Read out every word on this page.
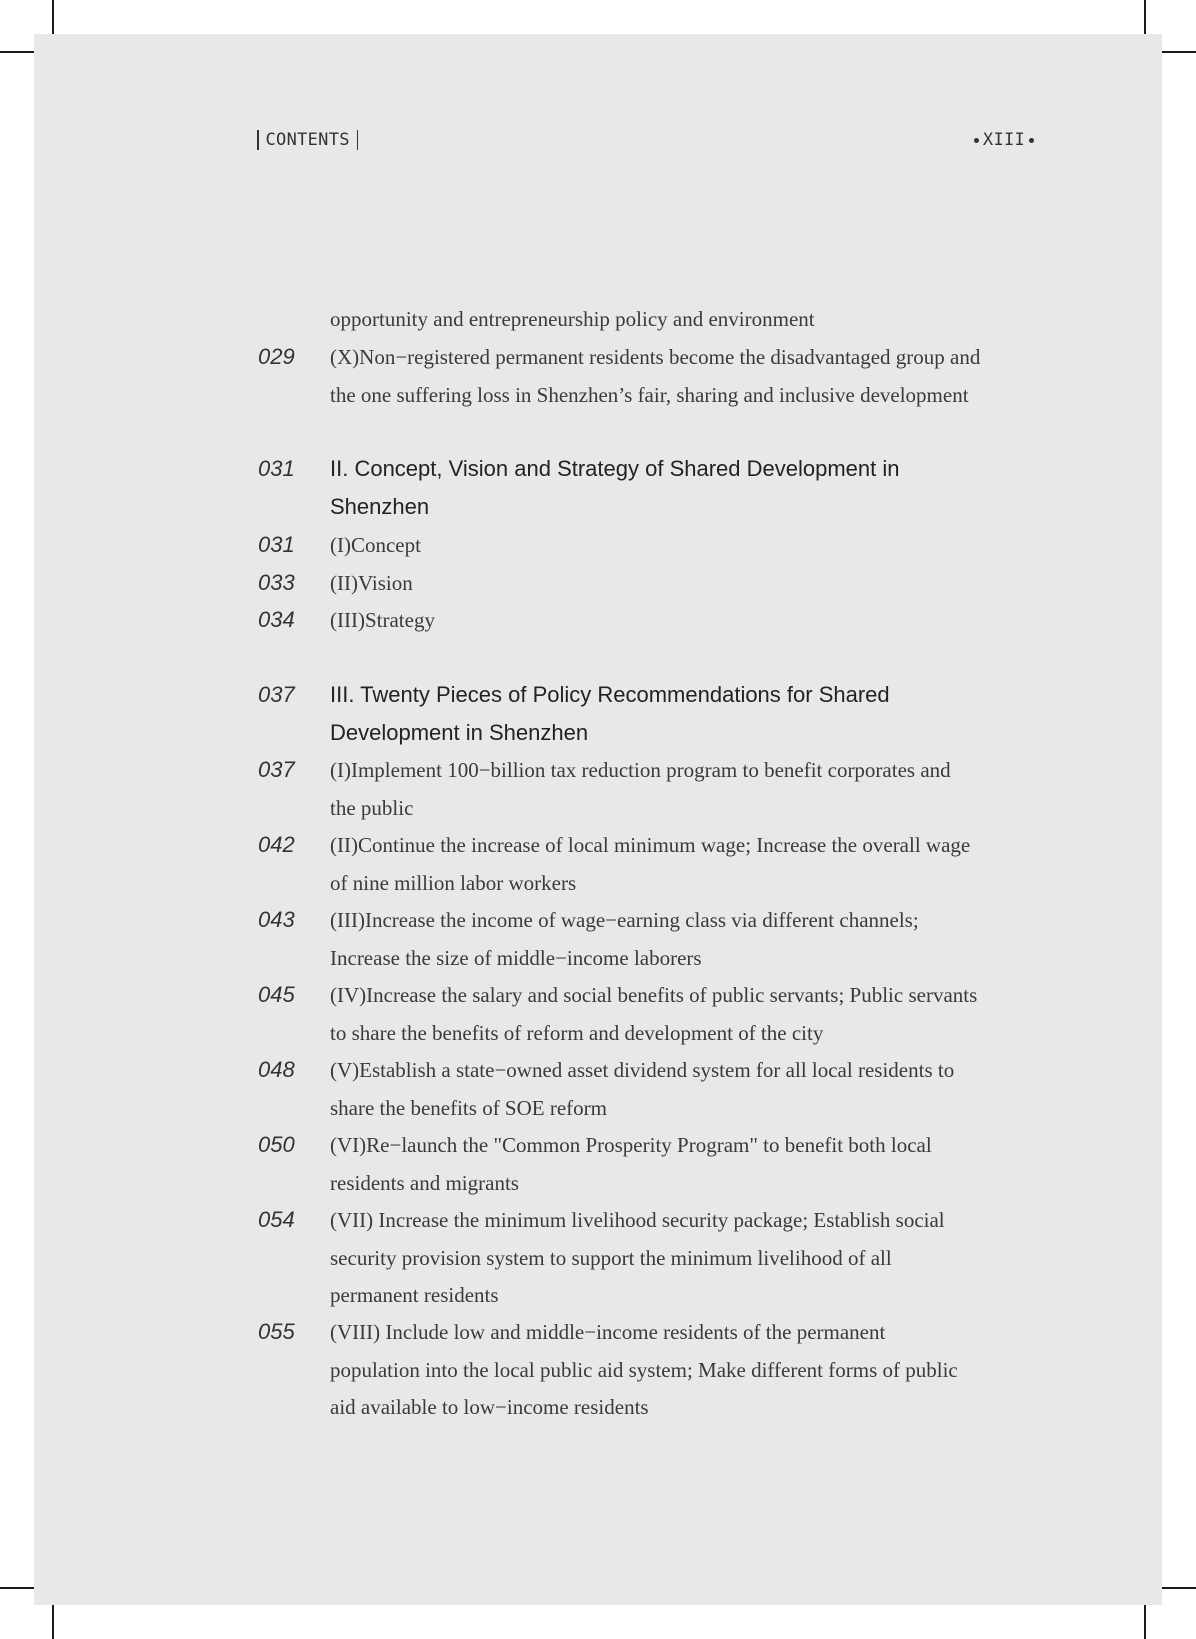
CONTENTS	XIII
opportunity and entrepreneurship policy and environment
029 (X)Non−registered permanent residents become the disadvantaged group and
the one suffering loss in Shenzhen’s fair, sharing and inclusive development
031 II. Concept, Vision and Strategy of Shared Development in
Shenzhen
031 (I)Concept
033 (II)Vision
034 (III)Strategy
037 III. Twenty Pieces of Policy Recommendations for Shared
Development in Shenzhen
037 (I)Implement 100−billion tax reduction program to benefit corporates and
the public
042 (II)Continue the increase of local minimum wage; Increase the overall wage
of nine million labor workers
043 (III)Increase the income of wage−earning class via different channels;
Increase the size of middle−income laborers
045 (IV)Increase the salary and social benefits of public servants; Public servants
to share the benefits of reform and development of the city
048 (V)Establish a state−owned asset dividend system for all local residents to
share the benefits of SOE reform
050 (VI)Re−launch the "Common Prosperity Program" to benefit both local
residents and migrants
054 (VII) Increase the minimum livelihood security package; Establish social
security provision system to support the minimum livelihood of all
permanent residents
055 (VIII) Include low and middle−income residents of the permanent
population into the local public aid system; Make different forms of public
aid available to low−income residents
